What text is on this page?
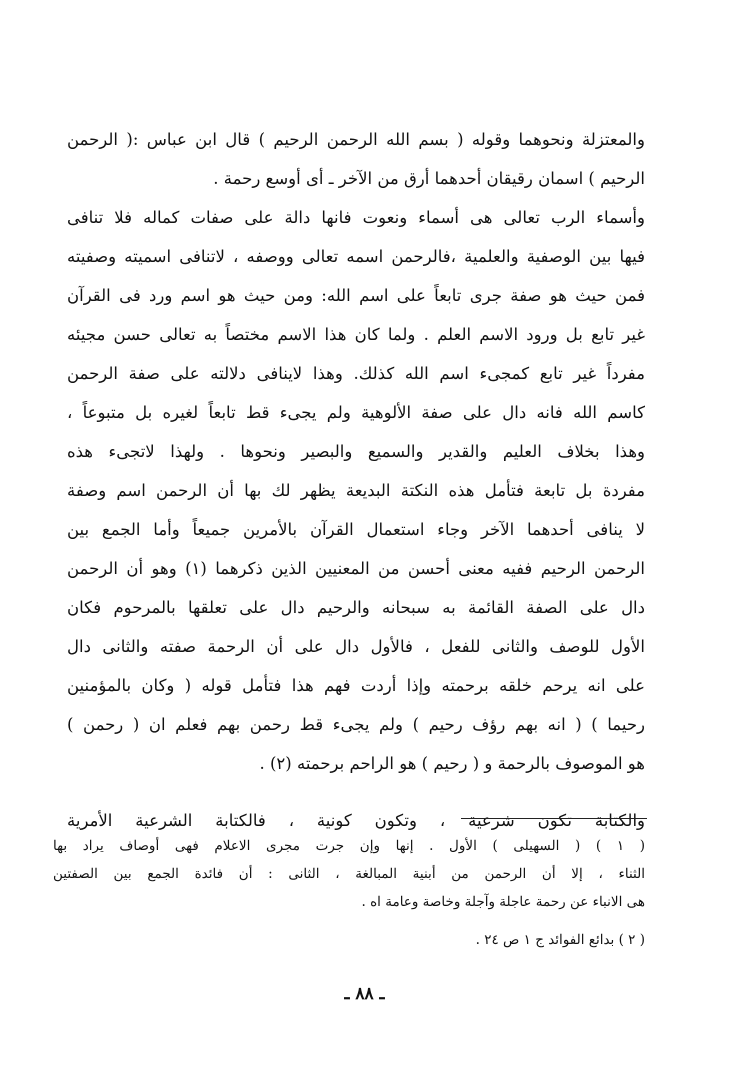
والمعتزلة ونحوهما وقوله ( بسم الله الرحمن الرحيم ) قال ابن عباس :( الرحمن
الرحيم ) اسمان رقيقان أحدهما أرق من الآخر ـ أى أوسع رحمة .
وأسماء الرب تعالى هى أسماء ونعوت فانها دالة على صفات كماله فلا تنافى
فيها بين الوصفية والعلمية ،فالرحمن اسمه تعالى ووصفه ، لاتنافى اسميته وصفيته
فمن حيث هو صفة جرى تابعاً على اسم الله: ومن حيث هو اسم ورد فى القرآن
غير تابع بل ورود الاسم العلم . ولما كان هذا الاسم مختصاً به تعالى حسن مجيئه
مفرداً غير تابع كمجىء اسم الله كذلك. وهذا لاينافى دلالته على صفة الرحمن
كاسم الله فانه دال على صفة الألوهية ولم يجىء قط تابعاً لغيره بل متبوعاً ،
وهذا بخلاف العليم والقدير والسميع والبصير ونحوها . ولهذا لاتجىء هذه
مفردة بل تابعة فتأمل هذه النكتة البديعة يظهر لك بها أن الرحمن اسم وصفة
لا ينافى أحدهما الآخر وجاء استعمال القرآن بالأمرين جميعاً وأما الجمع بين
الرحمن الرحيم ففيه معنى أحسن من المعنيين الذين ذكرهما (١) وهو أن الرحمن
دال على الصفة القائمة به سبحانه والرحيم دال على تعلقها بالمرحوم فكان
الأول للوصف والثانى للفعل ، فالأول دال على أن الرحمة صفته والثانى دال
على انه يرحم خلقه برحمته وإذا أردت فهم هذا فتأمل قوله ( وكان بالمؤمنين
رحيما ) ( انه بهم رؤف رحيم ) ولم يجىء قط رحمن بهم فعلم ان ( رحمن )
هو الموصوف بالرحمة و ( رحيم ) هو الراحم برحمته (٢) .
والكتابة تكون شرعية ، وتكون كونية ، فالكتابة الشرعية الأمرية
( ١ ) ( السهيلى ) الأول . إنها وإن جرت مجرى الاعلام فهى أوصاف يراد بها
الثناء ، إلا أن الرحمن من أبنية المبالغة ، الثانى : أن فائدة الجمع بين الصفتين
هى الانباء عن رحمة عاجلة وآجلة وخاصة وعامة اه .
( ٢ ) بدائع الفوائد ج ١ ص ٢٤ .
ـ ٨٨ ـ
